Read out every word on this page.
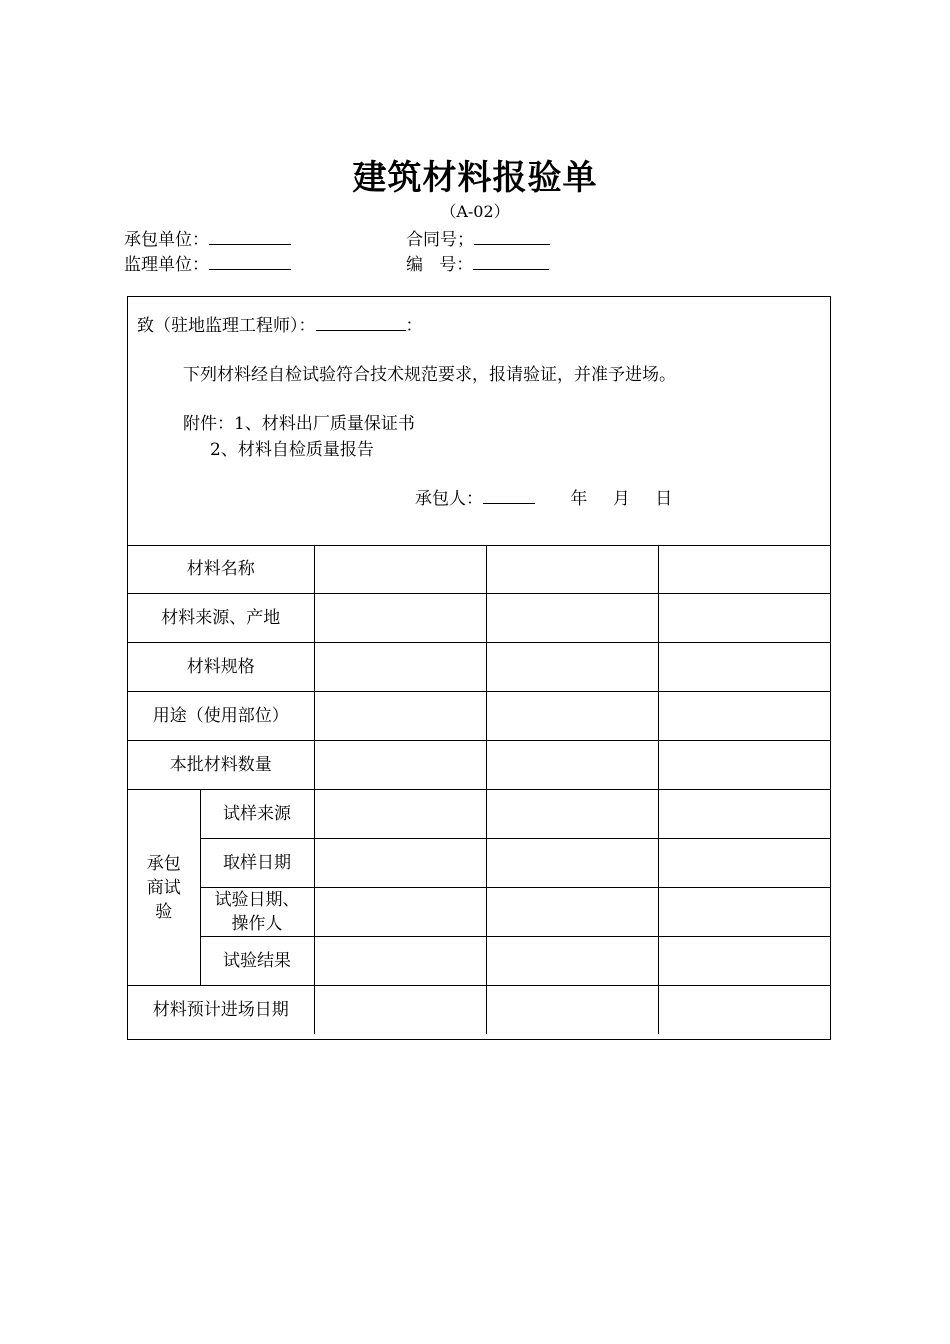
建筑材料报验单
（A-02）
承包单位：	合同号；
监理单位：	编   号：
致（驻地监理工程师）：	：
下列材料经自检试验符合技术规范要求，报请验证，并准予进场。
附件：1、材料出厂质量保证书
2、材料自检质量报告
承包人：	年 月 日
材料名称				
材料来源、产地				
材料规格				
用途（使用部位）				
本批材料数量				

承包
商试
验	试样来源			
	取样日期			

	试验日期、
操作人			

	试验结果			
材料预计进场日期				
